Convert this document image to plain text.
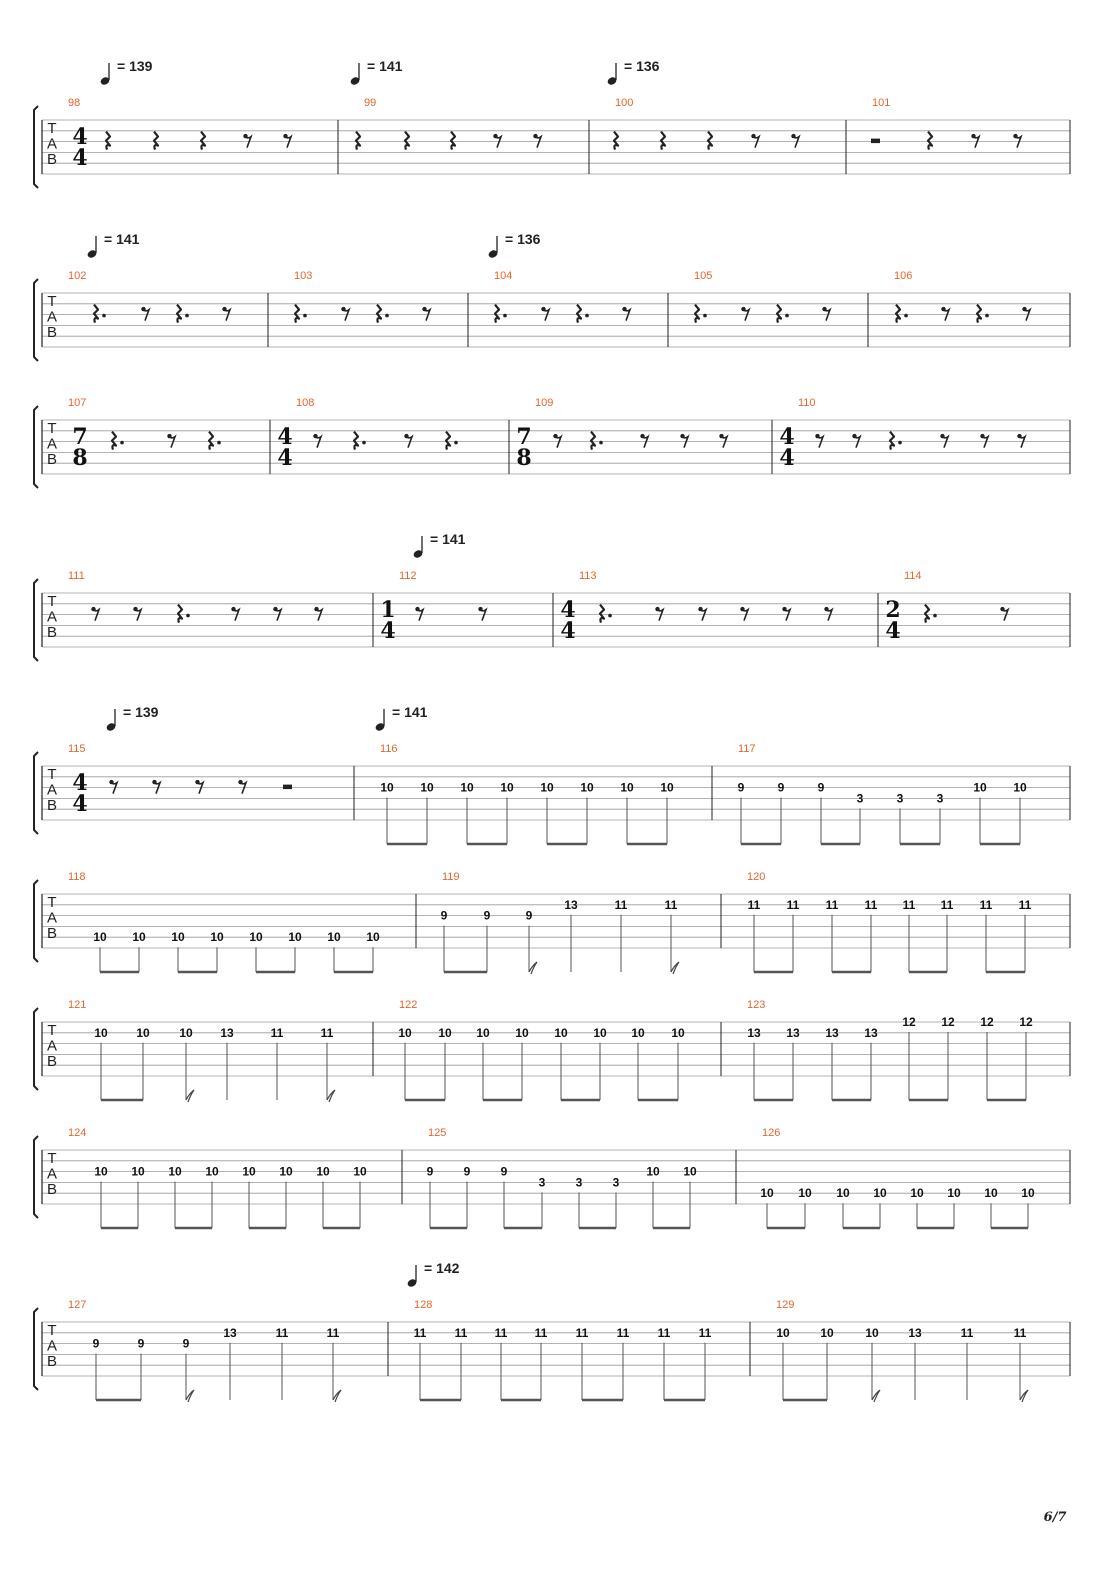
T
A
B
= 139	= 141	= 136
98
4
4
99	100	101
T
A
B
= 141	= 136
102	103	104	105	106
T
A
B
107
7
8
108
4
4
109
7
8
110
4
4
T
A
B
= 141
111	112
1
4
113
4
4
114
2
4
T
A
B
= 139	= 141
115
4
4
116
10 10 10 10 10 10 10 10
117
9	9	9
3	3	3
10 10
T
A
B
118
10 10 10 10 10 10 10 10
119
9	9	9
13	11	11
120
11 11 11 11 11 11 11 11
T
A
B
121
10 10 10 13	11	11
122
10 10 10 10 10 10 10 10
123
13 13 13 13
12 12 12 12
T
A
B
124
10 10 10 10 10 10 10 10
125
9	9	9
3	3	3
10 10
126
10 10 10 10 10 10 10 10
T
A
B
= 142
127
9	9	9
13	11	11
128
11 11 11 11 11 11 11 11
129
10	10	10 13	11	11
6/7
